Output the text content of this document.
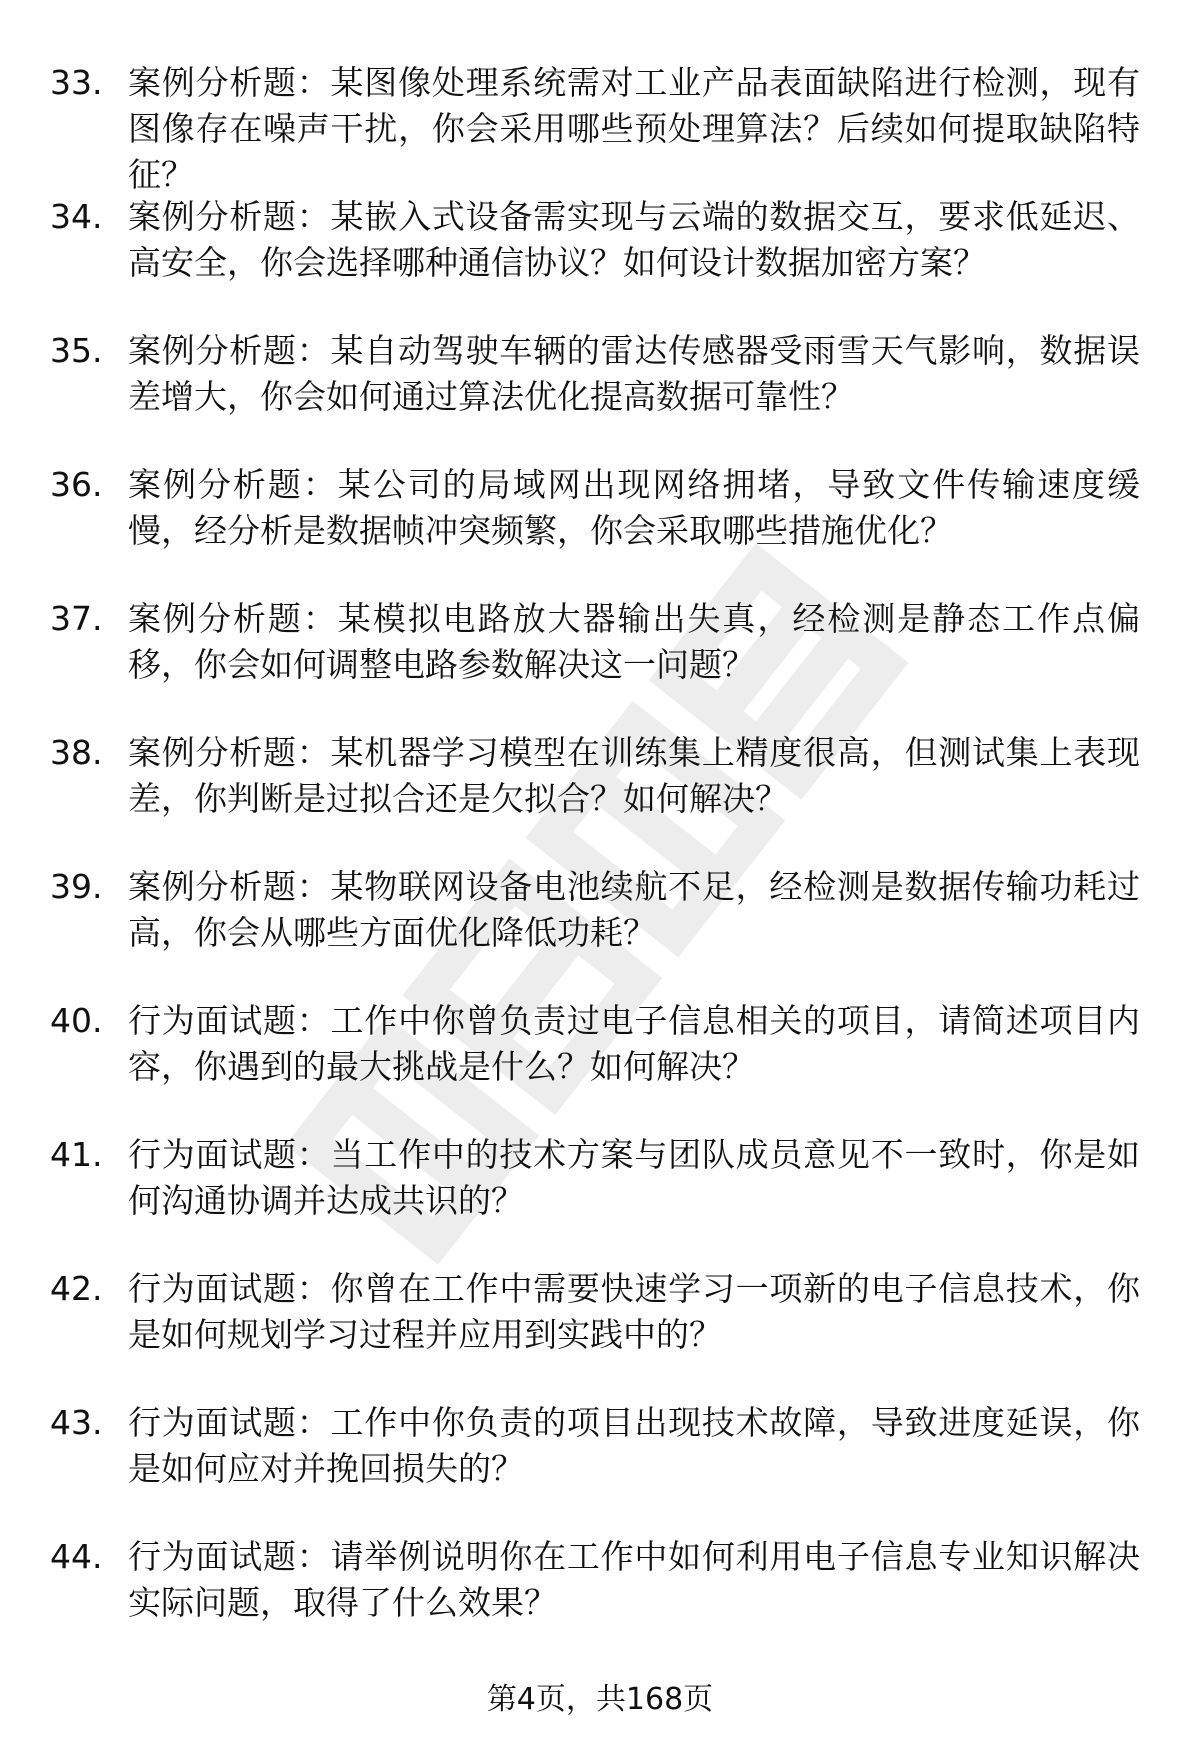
33. 案例分析题：某图像处理系统需对工业产品表面缺陷进行检测，现有图像存在噪声干扰，你会采用哪些预处理算法？后续如何提取缺陷特征？
34. 案例分析题：某嵌入式设备需实现与云端的数据交互，要求低延迟、高安全，你会选择哪种通信协议？如何设计数据加密方案？
35. 案例分析题：某自动驾驶车辆的雷达传感器受雨雪天气影响，数据误差增大，你会如何通过算法优化提高数据可靠性？
36. 案例分析题：某公司的局域网出现网络拥堵，导致文件传输速度缓慢，经分析是数据帧冲突频繁，你会采取哪些措施优化？
37. 案例分析题：某模拟电路放大器输出失真，经检测是静态工作点偏移，你会如何调整电路参数解决这一问题？
38. 案例分析题：某机器学习模型在训练集上精度很高，但测试集上表现差，你判断是过拟合还是欠拟合？如何解决？
39. 案例分析题：某物联网设备电池续航不足，经检测是数据传输功耗过高，你会从哪些方面优化降低功耗？
40. 行为面试题：工作中你曾负责过电子信息相关的项目，请简述项目内容，你遇到的最大挑战是什么？如何解决？
41. 行为面试题：当工作中的技术方案与团队成员意见不一致时，你是如何沟通协调并达成共识的？
42. 行为面试题：你曾在工作中需要快速学习一项新的电子信息技术，你是如何规划学习过程并应用到实践中的？
43. 行为面试题：工作中你负责的项目出现技术故障，导致进度延误，你是如何应对并挽回损失的？
44. 行为面试题：请举例说明你在工作中如何利用电子信息专业知识解决实际问题，取得了什么效果？
第4页，共168页
